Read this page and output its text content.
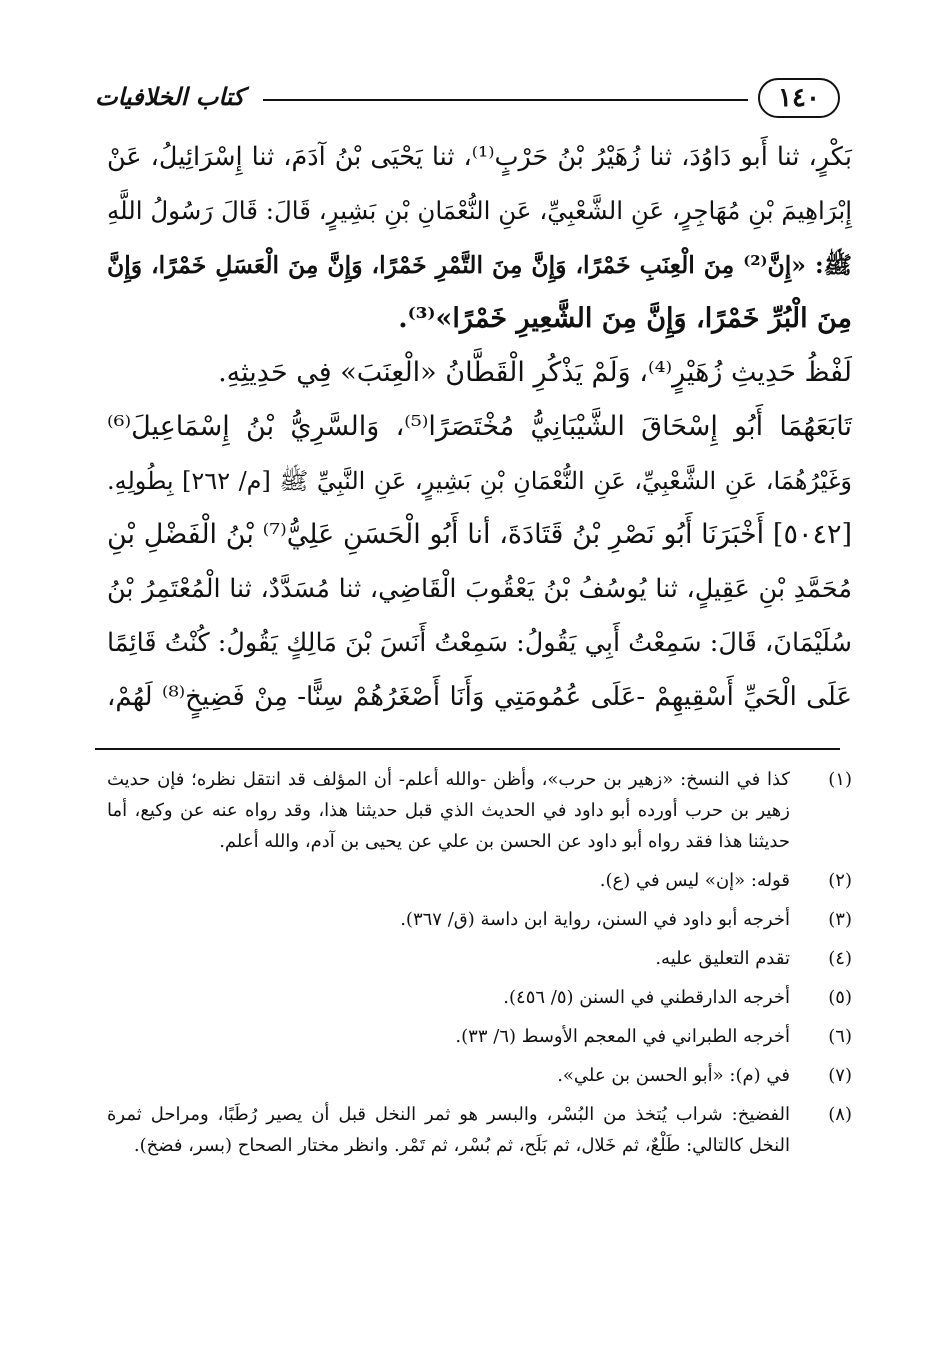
١٤٠
كتاب الخلافيات
بَكْرٍ، ثنا أَبو دَاوُدَ، ثنا زُهَيْرُ بْنُ حَرْبٍ⁽¹⁾، ثنا يَحْيَى بْنُ آدَمَ، ثنا إِسْرَائِيلُ، عَنْ
إِبْرَاهِيمَ بْنِ مُهَاجِرٍ، عَنِ الشَّعْبِيِّ، عَنِ النُّعْمَانِ بْنِ بَشِيرٍ، قَالَ: قَالَ رَسُولُ اللَّهِ
ﷺ: «إِنَّ⁽²⁾ مِنَ الْعِنَبِ خَمْرًا، وَإِنَّ مِنَ التَّمْرِ خَمْرًا، وَإِنَّ مِنَ الْعَسَلِ خَمْرًا، وَإِنَّ
مِنَ الْبُرِّ خَمْرًا، وَإِنَّ مِنَ الشَّعِيرِ خَمْرًا»⁽³⁾.
لَفْظُ حَدِيثِ زُهَيْرٍ⁽⁴⁾، وَلَمْ يَذْكُرِ الْقَطَّانُ «الْعِنَبَ» فِي حَدِيثِهِ.
تَابَعَهُمَا أَبُو إِسْحَاقَ الشَّيْبَانِيُّ مُخْتَصَرًا⁽⁵⁾، وَالسَّرِيُّ بْنُ إِسْمَاعِيلَ⁽⁶⁾
وَغَيْرُهُمَا، عَنِ الشَّعْبِيِّ، عَنِ النُّعْمَانِ بْنِ بَشِيرٍ، عَنِ النَّبِيِّ ﷺ [م/ ٢٦٢] بِطُولِهِ.
[٥٠٤٢] أَخْبَرَنَا أَبُو نَصْرِ بْنُ قَتَادَةَ، أنا أَبُو الْحَسَنِ عَلِيُّ⁽⁷⁾ بْنُ الْفَضْلِ بْنِ
مُحَمَّدِ بْنِ عَقِيلٍ، ثنا يُوسُفُ بْنُ يَعْقُوبَ الْقَاضِي، ثنا مُسَدَّدٌ، ثنا الْمُعْتَمِرُ بْنُ
سُلَيْمَانَ، قَالَ: سَمِعْتُ أَبِي يَقُولُ: سَمِعْتُ أَنَسَ بْنَ مَالِكٍ يَقُولُ: كُنْتُ قَائِمًا
عَلَى الْحَيِّ أَسْقِيهِمْ -عَلَى عُمُومَتِي وَأَنَا أَصْغَرُهُمْ سِنًّا- مِنْ فَضِيخٍ⁽⁸⁾ لَهُمْ،
(١)
كذا في النسخ: «زهير بن حرب»، وأظن -والله أعلم- أن المؤلف قد انتقل نظره؛ فإن حديث زهير بن حرب أورده أبو داود في الحديث الذي قبل حديثنا هذا، وقد رواه عنه عن وكيع، أما حديثنا هذا فقد رواه أبو داود عن الحسن بن علي عن يحيى بن آدم، والله أعلم.
(٢)
قوله: «إن» ليس في (ع).
(٣)
أخرجه أبو داود في السنن، رواية ابن داسة (ق/ ٣٦٧).
(٤)
تقدم التعليق عليه.
(٥)
أخرجه الدارقطني في السنن (٥/ ٤٥٦).
(٦)
أخرجه الطبراني في المعجم الأوسط (٦/ ٣٣).
(٧)
في (م): «أبو الحسن بن علي».
(٨)
الفضيخ: شراب يُتخذ من البُسْر، والبسر هو ثمر النخل قبل أن يصير رُطَبًا، ومراحل ثمرة النخل كالتالي: طَلْعٌ، ثم خَلال، ثم بَلَح، ثم بُسْر، ثم تَمْر. وانظر مختار الصحاح (بسر، فضخ).
